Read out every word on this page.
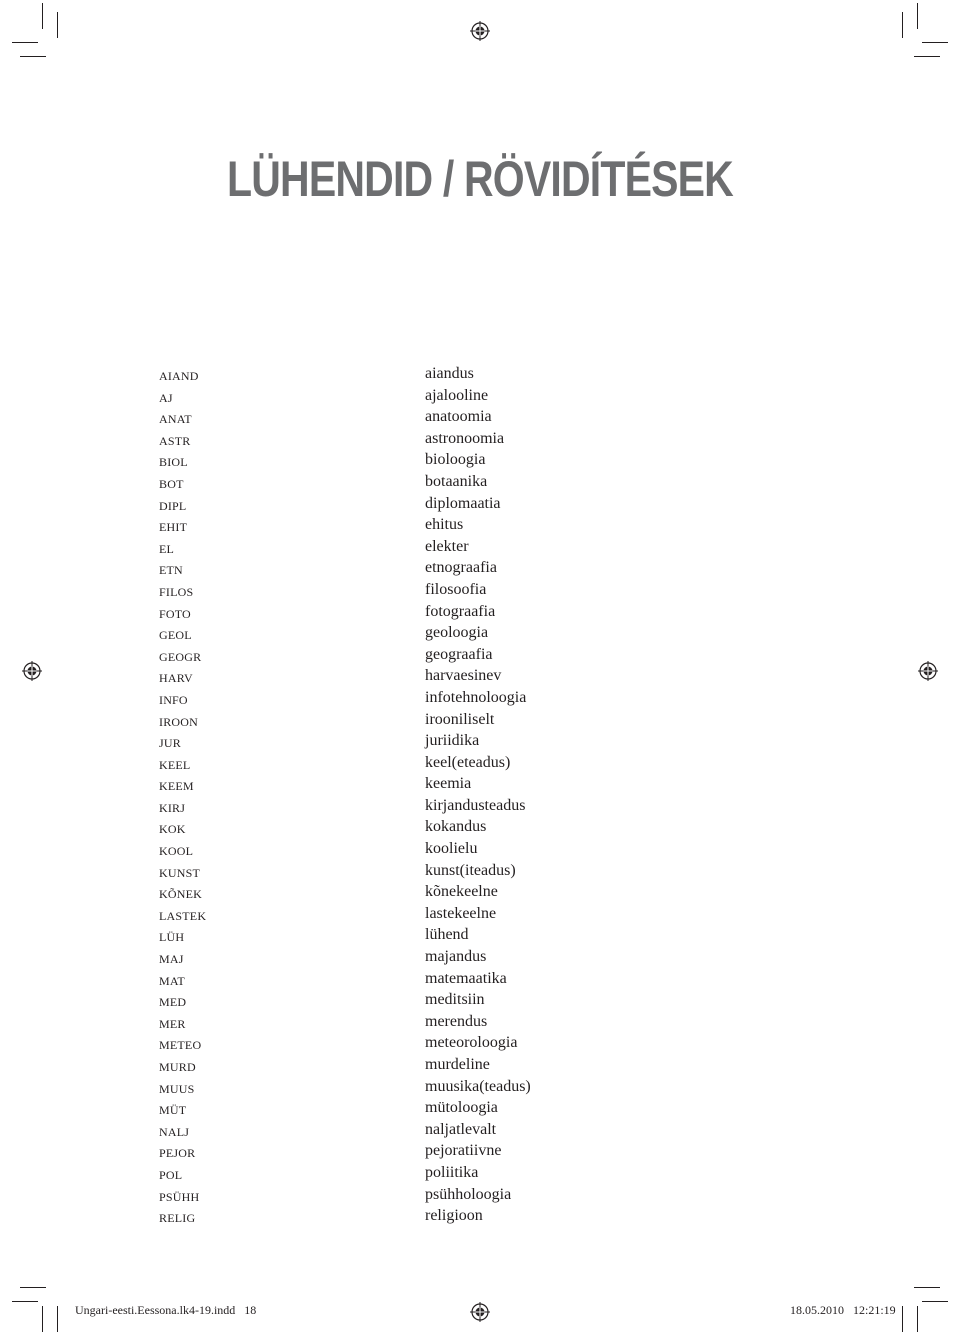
LÜHENDID / RÖVIDÍTÉSEK
AIAND	aiandus
AJ	ajalooline
ANAT	anatoomia
ASTR	astronoomia
BIOL	bioloogia
BOT	botaanika
DIPL	diplomaatia
EHIT	ehitus
EL	elekter
ETN	etnograafia
FILOS	filosoofia
FOTO	fotograafia
GEOL	geoloogia
GEOGR	geograafia
HARV	harvaesinev
INFO	infotehnoloogia
IROON	irooniliselt
JUR	juriidika
KEEL	keel(eteadus)
KEEM	keemia
KIRJ	kirjandusteadus
KOK	kokandus
KOOL	koolielu
KUNST	kunst(iteadus)
KÕNEK	kõnekeelne
LASTEK	lastekeelne
LÜH	lühend
MAJ	majandus
MAT	matemaatika
MED	meditsiin
MER	merendus
METEO	meteoroloogia
MURD	murdeline
MUUS	muusika(teadus)
MÜT	mütoloogia
NALJ	naljatlevalt
PEJOR	pejoratiivne
POL	poliitika
PSÜHH	psühholoogia
RELIG	religioon
Ungari-eesti.Eessona.lk4-19.indd   18	18.05.2010   12:21:19
